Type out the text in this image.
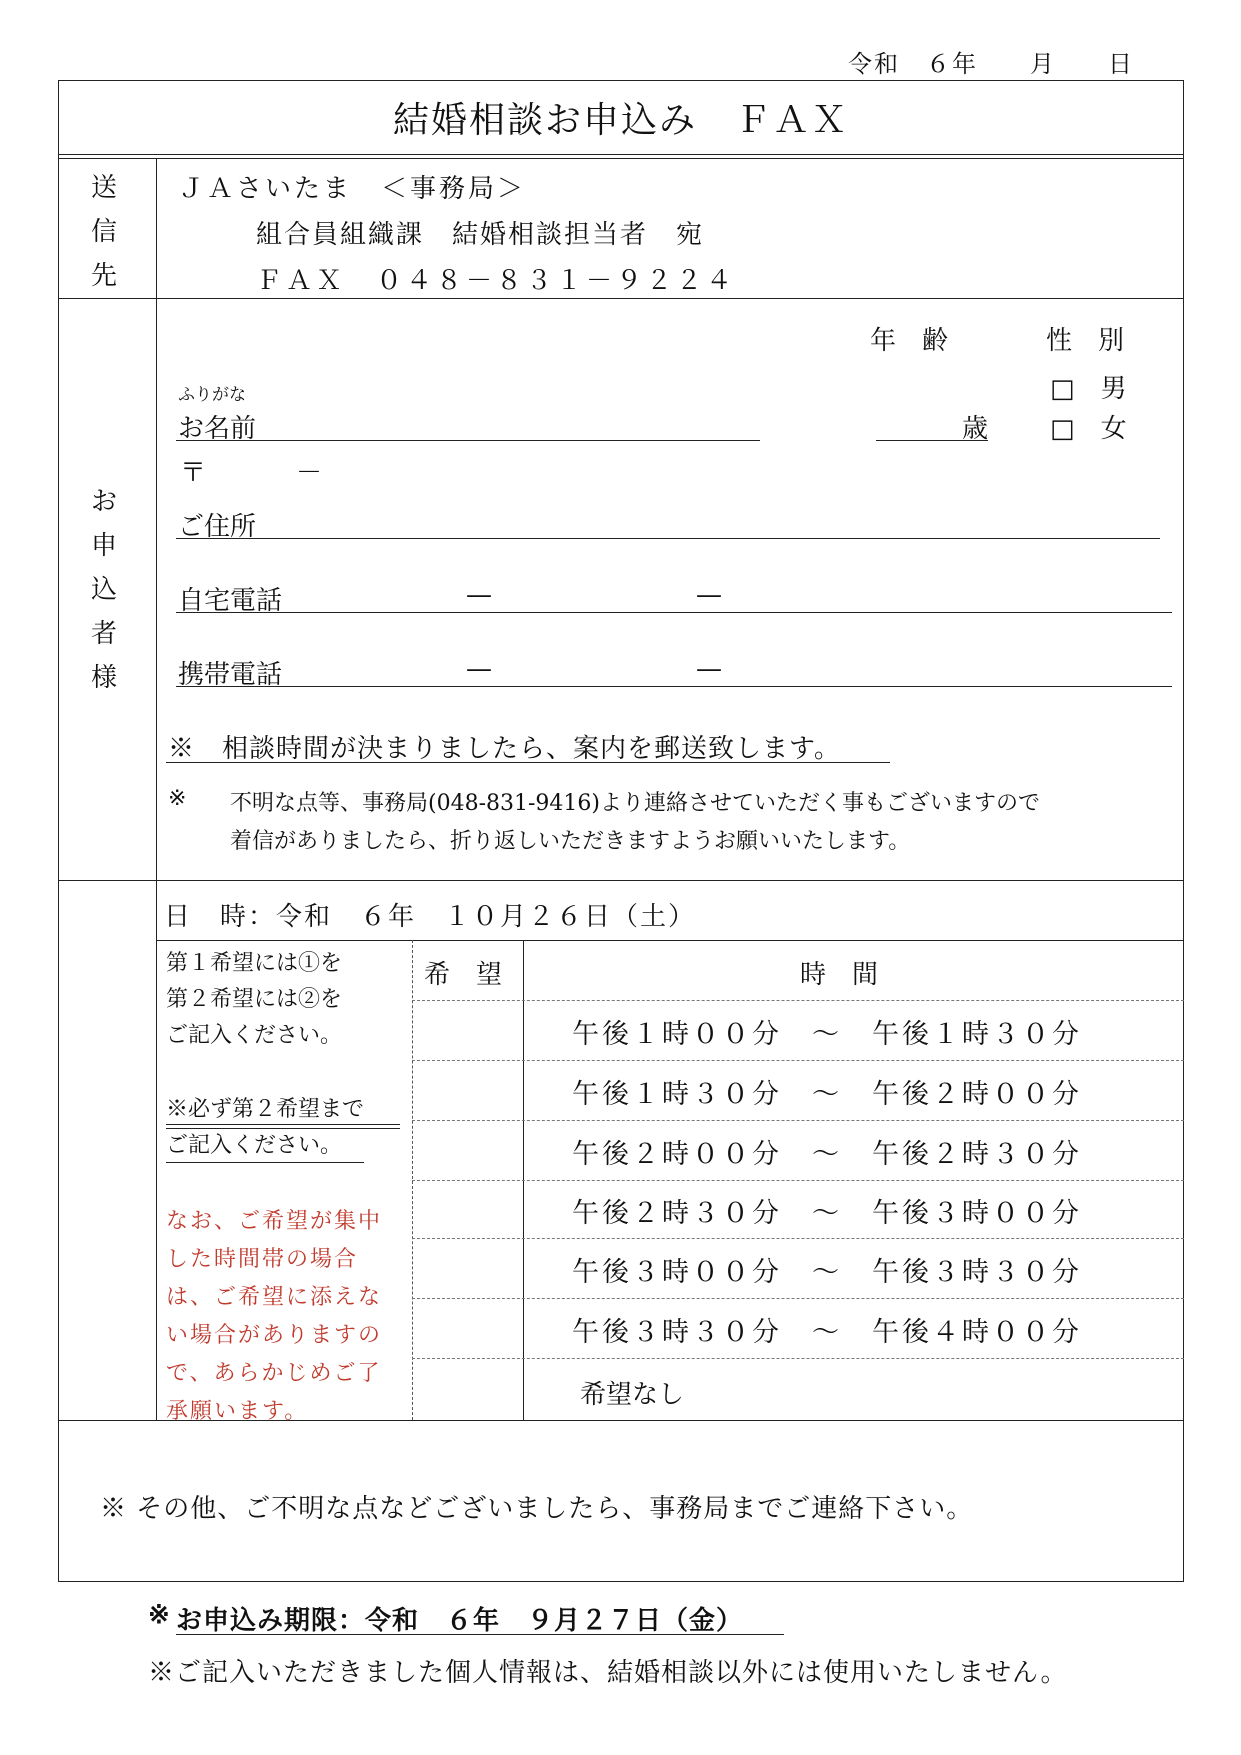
令和　６年　　月　　日
結婚相談お申込み　ＦＡＸ
送
信
先
ＪＡさいたま　＜事務局＞
組合員組織課　結婚相談担当者　宛
ＦＡＸ　０４８－８３１－９２２４
お
申
込
者
様
年　齢	性　別
ふりがな
お名前	歳
□　男
□　女
〒	－
ご住所
自宅電話	—	—
携帯電話	—	—
※　相談時間が決まりましたら、案内を郵送致します。
※ 不明な点等、事務局(048-831-9416)より連絡させていただく事もございますので
着信がありましたら、折り返しいただきますようお願いいたします。
日　時：令和　６年　１０月２６日（土）
第１希望には①を
第２希望には②を
ご記入ください。
※必ず第２希望まで
ご記入ください。
なお、ご希望が集中
した時間帯の場合
は、ご希望に添えな
い場合がありますの
で、あらかじめご了
承願います。
希　望	時　間
午後１時００分　～　午後１時３０分
午後１時３０分　～　午後２時００分
午後２時００分　～　午後２時３０分
午後２時３０分　～　午後３時００分
午後３時００分　～　午後３時３０分
午後３時３０分　～　午後４時００分
希望なし
※ その他、ご不明な点などございましたら、事務局までご連絡下さい。
※ お申込み期限：令和　６年　９月２７日（金）
※ご記入いただきました個人情報は、結婚相談以外には使用いたしません。
